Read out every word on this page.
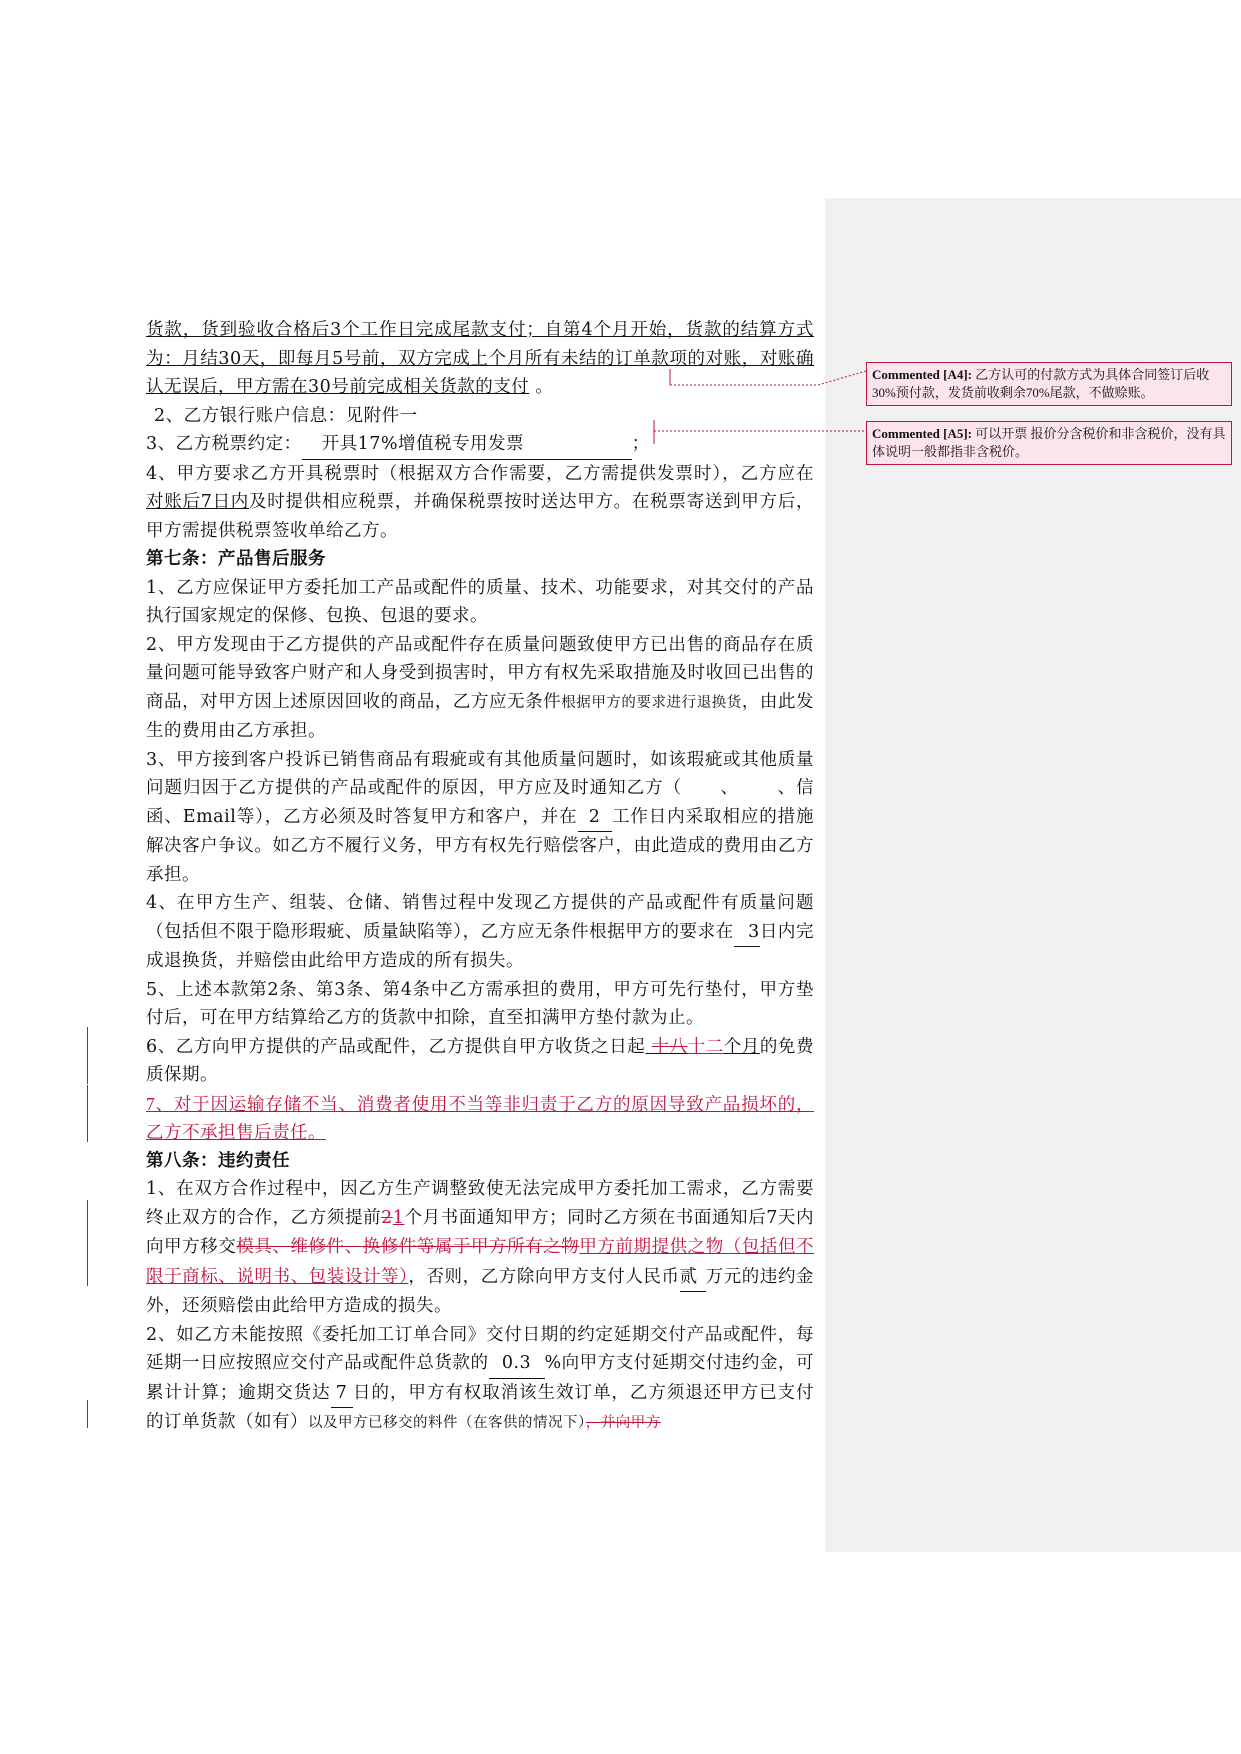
货款，货到验收合格后3个工作日完成尾款支付；自第4个月开始，货款的结算方式为：月结30天，即每月5号前，双方完成上个月所有未结的订单款项的对账，对账确认无误后，甲方需在30号前完成相关货款的支付 。

2、乙方银行账户信息：见附件一

3、乙方税票约定： 开具17%增值税专用发票	；

4、甲方要求乙方开具税票时（根据双方合作需要，乙方需提供发票时），乙方应在对账后7日内及时提供相应税票，并确保税票按时送达甲方。在税票寄送到甲方后，甲方需提供税票签收单给乙方。

第七条：产品售后服务

1、乙方应保证甲方委托加工产品或配件的质量、技术、功能要求，对其交付的产品执行国家规定的保修、包换、包退的要求。

2、甲方发现由于乙方提供的产品或配件存在质量问题致使甲方已出售的商品存在质量问题可能导致客户财产和人身受到损害时，甲方有权先采取措施及时收回已出售的商品，对甲方因上述原因回收的商品，乙方应无条件根据甲方的要求进行退换货，由此发生的费用由乙方承担。

3、甲方接到客户投诉已销售商品有瑕疵或有其他质量问题时，如该瑕疵或其他质量问题归因于乙方提供的产品或配件的原因，甲方应及时通知乙方（ 、 、信函、Email等），乙方必须及时答复甲方和客户，并在 2 工作日内采取相应的措施解决客户争议。如乙方不履行义务，甲方有权先行赔偿客户，由此造成的费用由乙方承担。

4、在甲方生产、组装、仓储、销售过程中发现乙方提供的产品或配件有质量问题（包括但不限于隐形瑕疵、质量缺陷等），乙方应无条件根据甲方的要求在 3日内完成退换货，并赔偿由此给甲方造成的所有损失。

5、上述本款第2条、第3条、第4条中乙方需承担的费用，甲方可先行垫付，甲方垫付后，可在甲方结算给乙方的货款中扣除，直至扣满甲方垫付款为止。

6、乙方向甲方提供的产品或配件，乙方提供自甲方收货之日起 十八十二个月的免费质保期。

7、对于因运输存储不当、消费者使用不当等非归责于乙方的原因导致产品损坏的，乙方不承担售后责任。

第八条：违约责任

1、在双方合作过程中，因乙方生产调整致使无法完成甲方委托加工需求，乙方需要终止双方的合作，乙方须提前21个月书面通知甲方；同时乙方须在书面通知后7天内向甲方移交模具、维修件、换修件等属于甲方所有之物甲方前期提供之物（包括但不限于商标、说明书、包装设计等），否则，乙方除向甲方支付人民币贰 万元的违约金外，还须赔偿由此给甲方造成的损失。

2、如乙方未能按照《委托加工订单合同》交付日期的约定延期交付产品或配件，每延期一日应按照应交付产品或配件总货款的 0.3 %向甲方支付延期交付违约金，可累计计算；逾期交货达 7 日的，甲方有权取消该生效订单，乙方须退还甲方已支付的订单货款（如有）以及甲方已移交的料件（在客供的情况下），并向甲方

Commented [A4]: 乙方认可的付款方式为具体合同签订后收30%预付款，发货前收剩余70%尾款，不做赊账。
Commented [A5]: 可以开票 报价分含税价和非含税价，没有具体说明一般都指非含税价。
